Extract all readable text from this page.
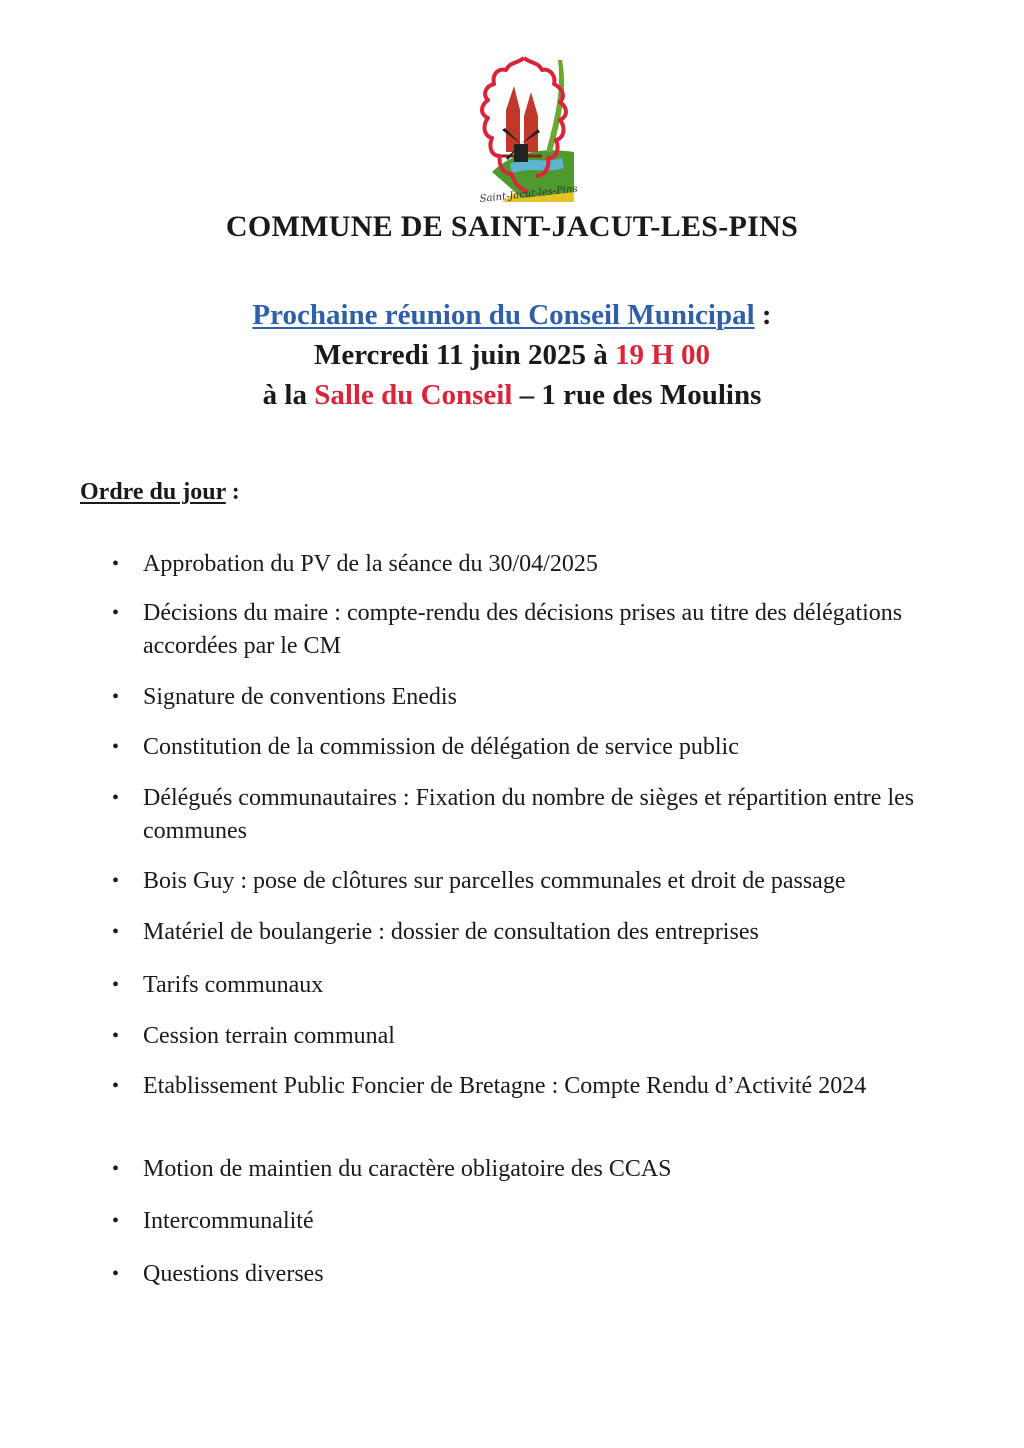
Saint-Jacut-les-Pins
COMMUNE DE SAINT-JACUT-LES-PINS
Prochaine réunion du Conseil Municipal :
Mercredi 11 juin 2025 à 19 H 00
à la Salle du Conseil – 1 rue des Moulins
Ordre du jour :
• Approbation du PV de la séance du 30/04/2025
• Décisions du maire : compte-rendu des décisions prises au titre des délégations accordées par le CM
• Signature de conventions Enedis
• Constitution de la commission de délégation de service public
• Délégués communautaires : Fixation du nombre de sièges et répartition entre les communes
• Bois Guy : pose de clôtures sur parcelles communales et droit de passage
• Matériel de boulangerie : dossier de consultation des entreprises
• Tarifs communaux
• Cession terrain communal
• Etablissement Public Foncier de Bretagne : Compte Rendu d’Activité 2024
• Motion de maintien du caractère obligatoire des CCAS
• Intercommunalité
• Questions diverses
